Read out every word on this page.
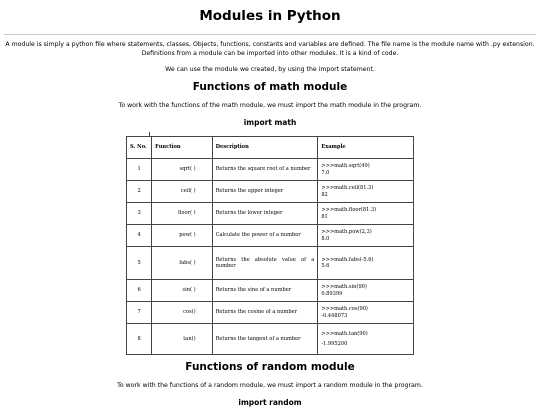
Modules in Python

A module is simply a python file where statements, classes, Objects, functions, constants and variables are defined. The file name is the module name with .py extension. Definitions from a module can be imported into other modules. It is a kind of code.

We can use the module we created, by using the import statement.

Functions of math module

To work with the functions of the math module, we must import the math module in the program.

import math
S. No.	Function	Description	Example
1	sqrt( )	Returns the square root of a number	>>>math.sqrt(49)
7.0

2	ceil( )	Returns the upper integer	>>>math.ceil(81.3)
82

3	floor( )	Returns the lower integer	>>>math.floor(81.3)
81

4	pow( )	Calculate the power of a number	>>>math.pow(2,3)
8.0

5	fabs( )	Returns the absolute value of a number	>>>math.fabs(-5.6)
5.6

6	sin( )	Returns the sine of a number	>>>math.sin(90)
0.89399

7	cos()	Returns the cosine of a number	>>>math.cos(90)
-0.448073

8	tan()	Returns the tangent of a number	>>>math.tan(90)
-1.995200
Functions of random module

To work with the functions of a random module, we must import a random module in the program.

import random
